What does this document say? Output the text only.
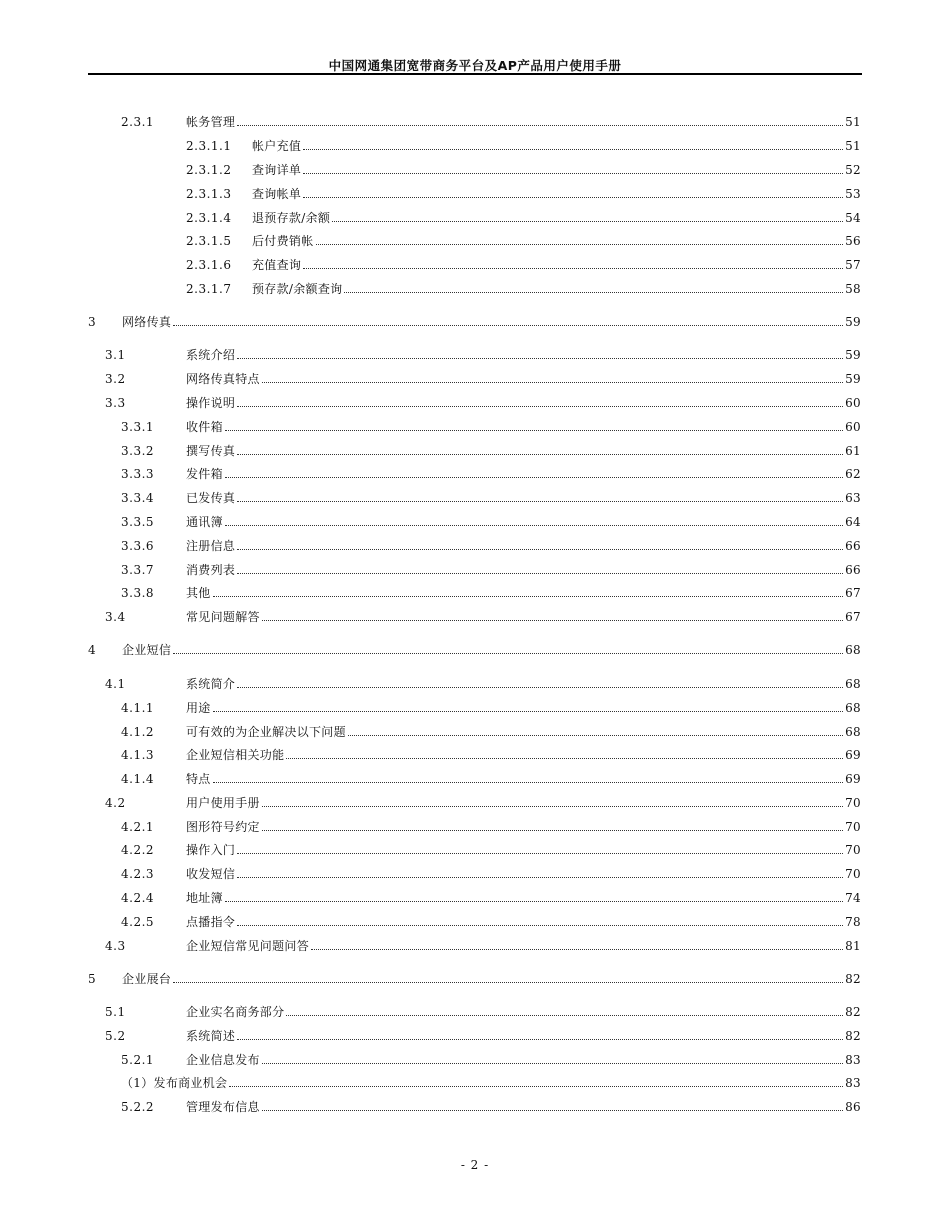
中国网通集团宽带商务平台及AP产品用户使用手册
2.3.1	帐务管理	51
2.3.1.1	帐户充值	51
2.3.1.2	查询详单	52
2.3.1.3	查询帐单	53
2.3.1.4	退预存款/余额	54
2.3.1.5	后付费销帐	56
2.3.1.6	充值查询	57
2.3.1.7	预存款/余额查询	58
3	网络传真	59
3.1	系统介绍	59
3.2	网络传真特点	59
3.3	操作说明	60
3.3.1	收件箱	60
3.3.2	撰写传真	61
3.3.3	发件箱	62
3.3.4	已发传真	63
3.3.5	通讯簿	64
3.3.6	注册信息	66
3.3.7	消费列表	66
3.3.8	其他	67
3.4	常见问题解答	67
4	企业短信	68
4.1	系统简介	68
4.1.1	用途	68
4.1.2	可有效的为企业解决以下问题	68
4.1.3	企业短信相关功能	69
4.1.4	特点	69
4.2	用户使用手册	70
4.2.1	图形符号约定	70
4.2.2	操作入门	70
4.2.3	收发短信	70
4.2.4	地址簿	74
4.2.5	点播指令	78
4.3	企业短信常见问题问答	81
5	企业展台	82
5.1	企业实名商务部分	82
5.2	系统简述	82
5.2.1	企业信息发布	83
（1）发布商业机会	83
5.2.2	管理发布信息	86
- 2 -
